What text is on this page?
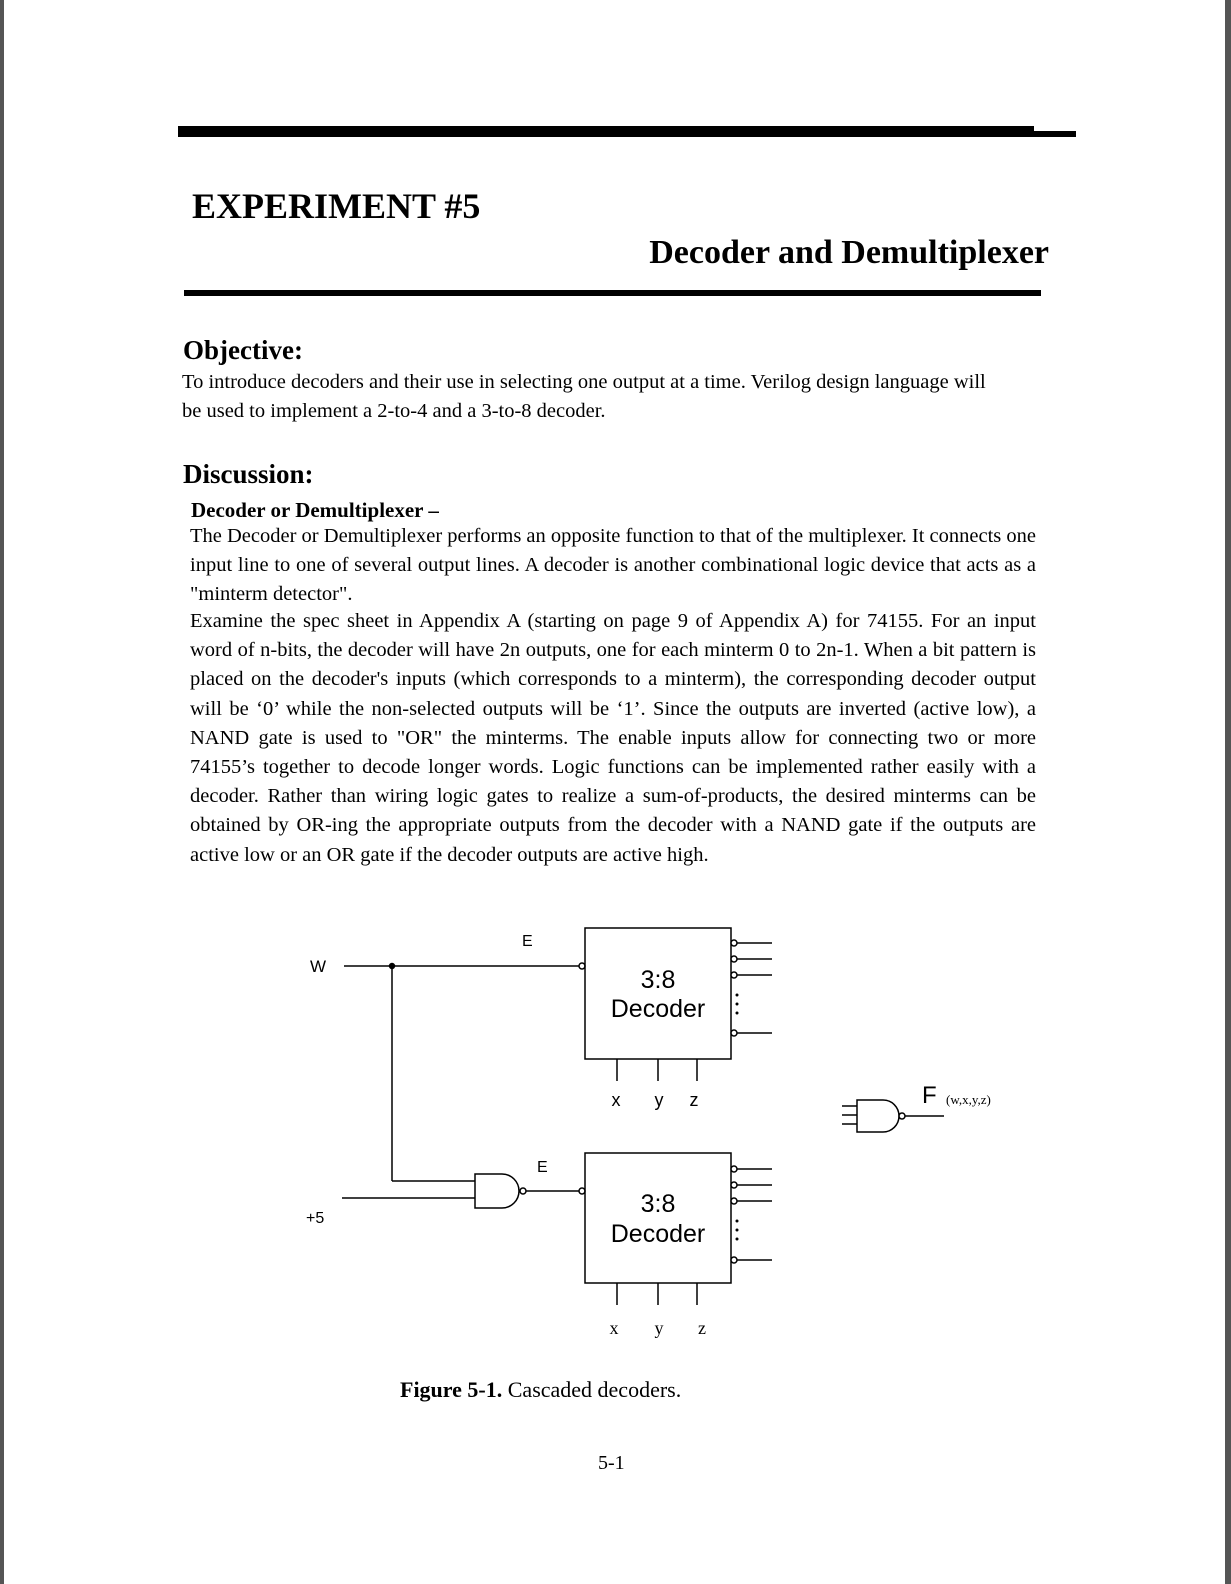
EXPERIMENT #5
Decoder and Demultiplexer
Objective:

To introduce decoders and their use in selecting one output at a time. Verilog design language will be used to implement a 2-to-4 and a 3-to-8 decoder.

Discussion:
Decoder or Demultiplexer –

The Decoder or Demultiplexer performs an opposite function to that of the multiplexer. It connects one input line to one of several output lines. A decoder is another combinational logic device that acts as a "minterm detector".

Examine the spec sheet in Appendix A (starting on page 9 of Appendix A) for 74155. For an input word of n-bits, the decoder will have 2n outputs, one for each minterm 0 to 2n-1. When a bit pattern is placed on the decoder's inputs (which corresponds to a minterm), the corresponding decoder output will be ‘0’ while the non-selected outputs will be ‘1’. Since the outputs are inverted (active low), a NAND gate is used to "OR" the minterms. The enable inputs allow for connecting two or more 74155’s together to decode longer words. Logic functions can be implemented rather easily with a decoder. Rather than wiring logic gates to realize a sum-of-products, the desired minterms can be obtained by OR-ing the appropriate outputs from the decoder with a NAND gate if the outputs are active low or an OR gate if the decoder outputs are active high.

W
+5
E
E
3:8
Decoder
3:8
Decoder
x y z	F
x y z
(w,x,y,z)

Figure 5-1. Cascaded decoders.

5-1
